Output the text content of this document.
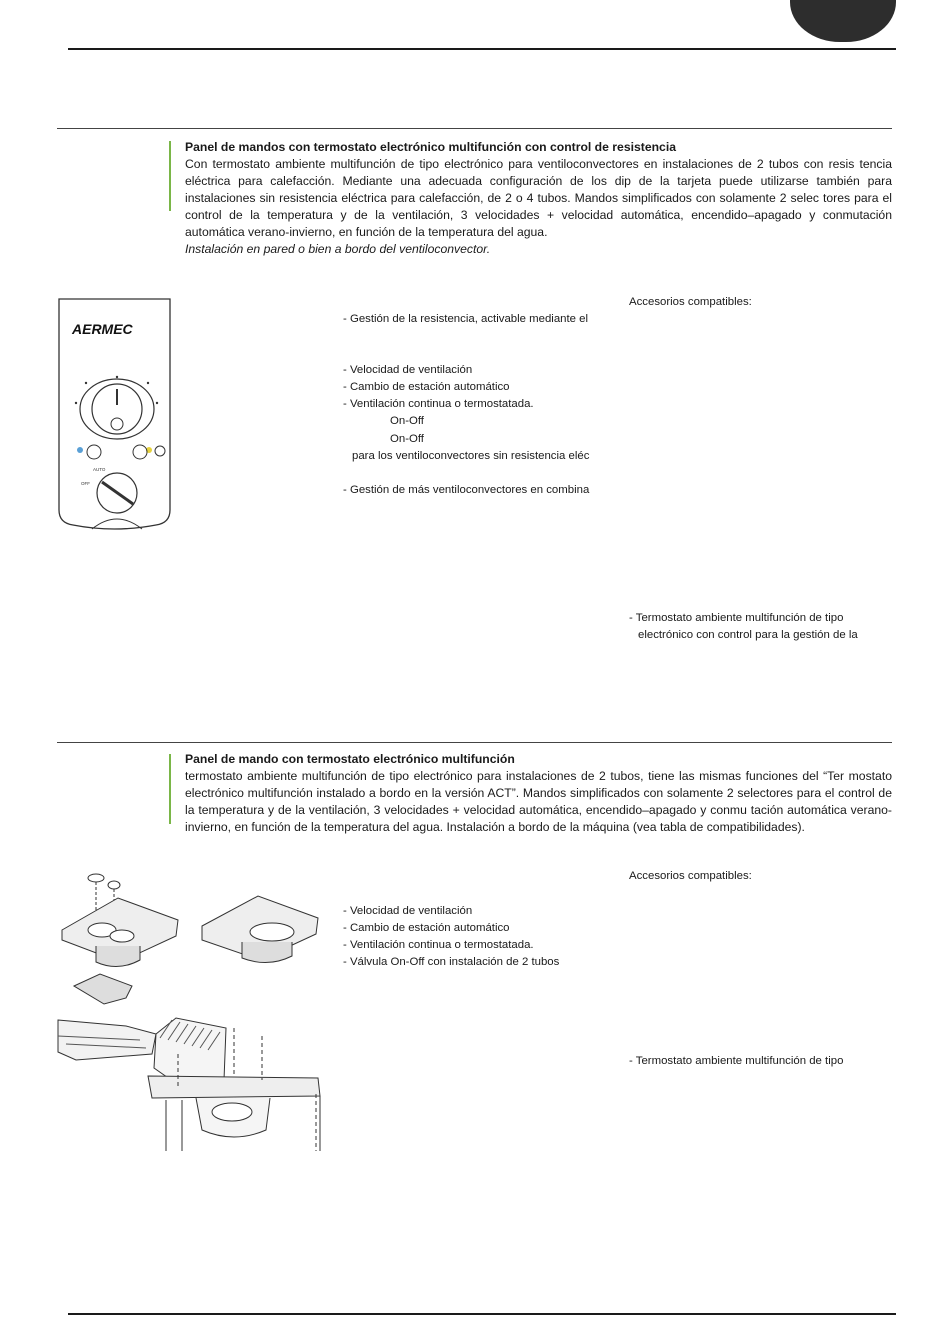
Panel de mandos con termostato electrónico multifunción con control de resistencia
Con termostato ambiente multifunción de tipo electrónico para ventiloconvectores en instalaciones de 2 tubos con resis tencia eléctrica para calefacción. Mediante una adecuada configuración de los dip de la tarjeta puede utilizarse también para instalaciones sin resistencia eléctrica para calefacción, de 2 o 4 tubos. Mandos simplificados con solamente 2 selec tores para el control de la temperatura y de la ventilación, 3 velocidades + velocidad automática, encendido–apagado y conmutación automática verano-invierno, en función de la temperatura del agua.
Instalación en pared o bien a bordo del ventiloconvector.
AERMEC
AUTO
OFF
- Gestión de la resistencia, activable mediante el
- Velocidad de ventilación
- Cambio de estación automático
- Ventilación continua o termostatada.
On-Off
On-Off
para los ventiloconvectores sin resistencia eléc
- Gestión de más ventiloconvectores en combina
Accesorios compatibles:
- Termostato ambiente multifunción de tipo
electrónico con control para la gestión de la
Panel de mando con termostato electrónico multifunción
termostato ambiente multifunción de tipo electrónico para instalaciones de 2 tubos, tiene las mismas funciones del “Ter mostato electrónico multifunción instalado a bordo en la versión ACT”. Mandos simplificados con solamente 2 selectores para el control de la temperatura y de la ventilación, 3 velocidades + velocidad automática, encendido–apagado y conmu tación automática verano-invierno, en función de la temperatura del agua. Instalación a bordo de la máquina (vea tabla de compatibilidades).
- Velocidad de ventilación
- Cambio de estación automático
- Ventilación continua o termostatada.
- Válvula On-Off con instalación de 2 tubos
Accesorios compatibles:
- Termostato ambiente multifunción de tipo
